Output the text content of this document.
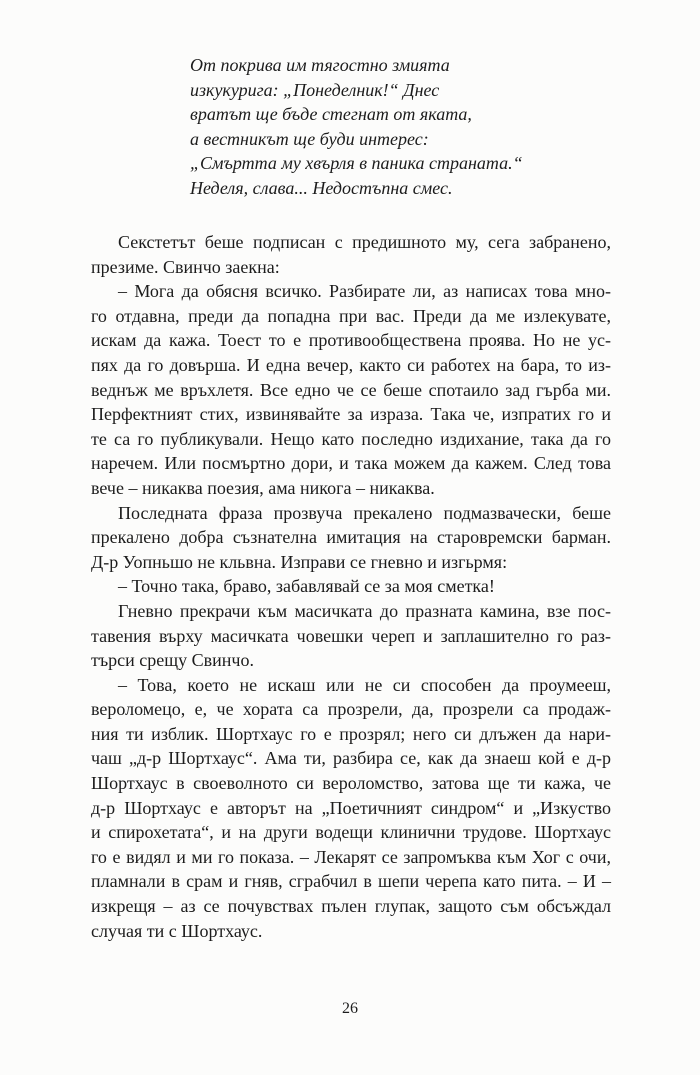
От покрива им тягостно змията
изкукурига: „Понеделник!“ Днес
вратът ще бъде стегнат от яката,
а вестникът ще буди интерес:
„Смъртта му хвърля в паника страната.“
Неделя, слава... Недостъпна смес.
Секстетът беше подписан с предишното му, сега забранено,
презиме. Свинчо заекна:
– Мога да обясня всичко. Разбирате ли, аз написах това мно-
го отдавна, преди да попадна при вас. Преди да ме излекувате,
искам да кажа. Тоест то е противообществена проява. Но не ус-
пях да го довърша. И една вечер, както си работех на бара, то из-
веднъж ме връхлетя. Все едно че се беше спотаило зад гърба ми.
Перфектният стих, извинявайте за израза. Така че, изпратих го и
те са го публикували. Нещо като последно издихание, така да го
наречем. Или посмъртно дори, и така можем да кажем. След това
вече – никаква поезия, ама никога – никаква.
Последната фраза прозвуча прекалено подмазвачески, беше
прекалено добра съзнателна имитация на старовремски барман.
Д-р Уопньшо не кльвна. Изправи се гневно и изгьрмя:
– Точно така, браво, забавлявай се за моя сметка!
Гневно прекрачи към масичката до празната камина, взе пос-
тавения върху масичката човешки череп и заплашително го раз-
търси срещу Свинчо.
– Това, което не искаш или не си способен да проумееш,
вероломецо, е, че хората са прозрели, да, прозрели са продаж-
ния ти изблик. Шортхаус го е прозрял; него си длъжен да нари-
чаш „д-р Шортхаус“. Ама ти, разбира се, как да знаеш кой е д-р
Шортхаус в своеволното си вероломство, затова ще ти кажа, че
д-р Шортхаус е авторът на „Поетичният синдром“ и „Изкуство
и спирохетата“, и на други водещи клинични трудове. Шортхаус
го е видял и ми го показа. – Лекарят се запромъква към Хог с очи,
пламнали в срам и гняв, сграбчил в шепи черепа като пита. – И –
изкрещя – аз се почувствах пълен глупак, защото съм обсъждал
случая ти с Шортхаус.
26
